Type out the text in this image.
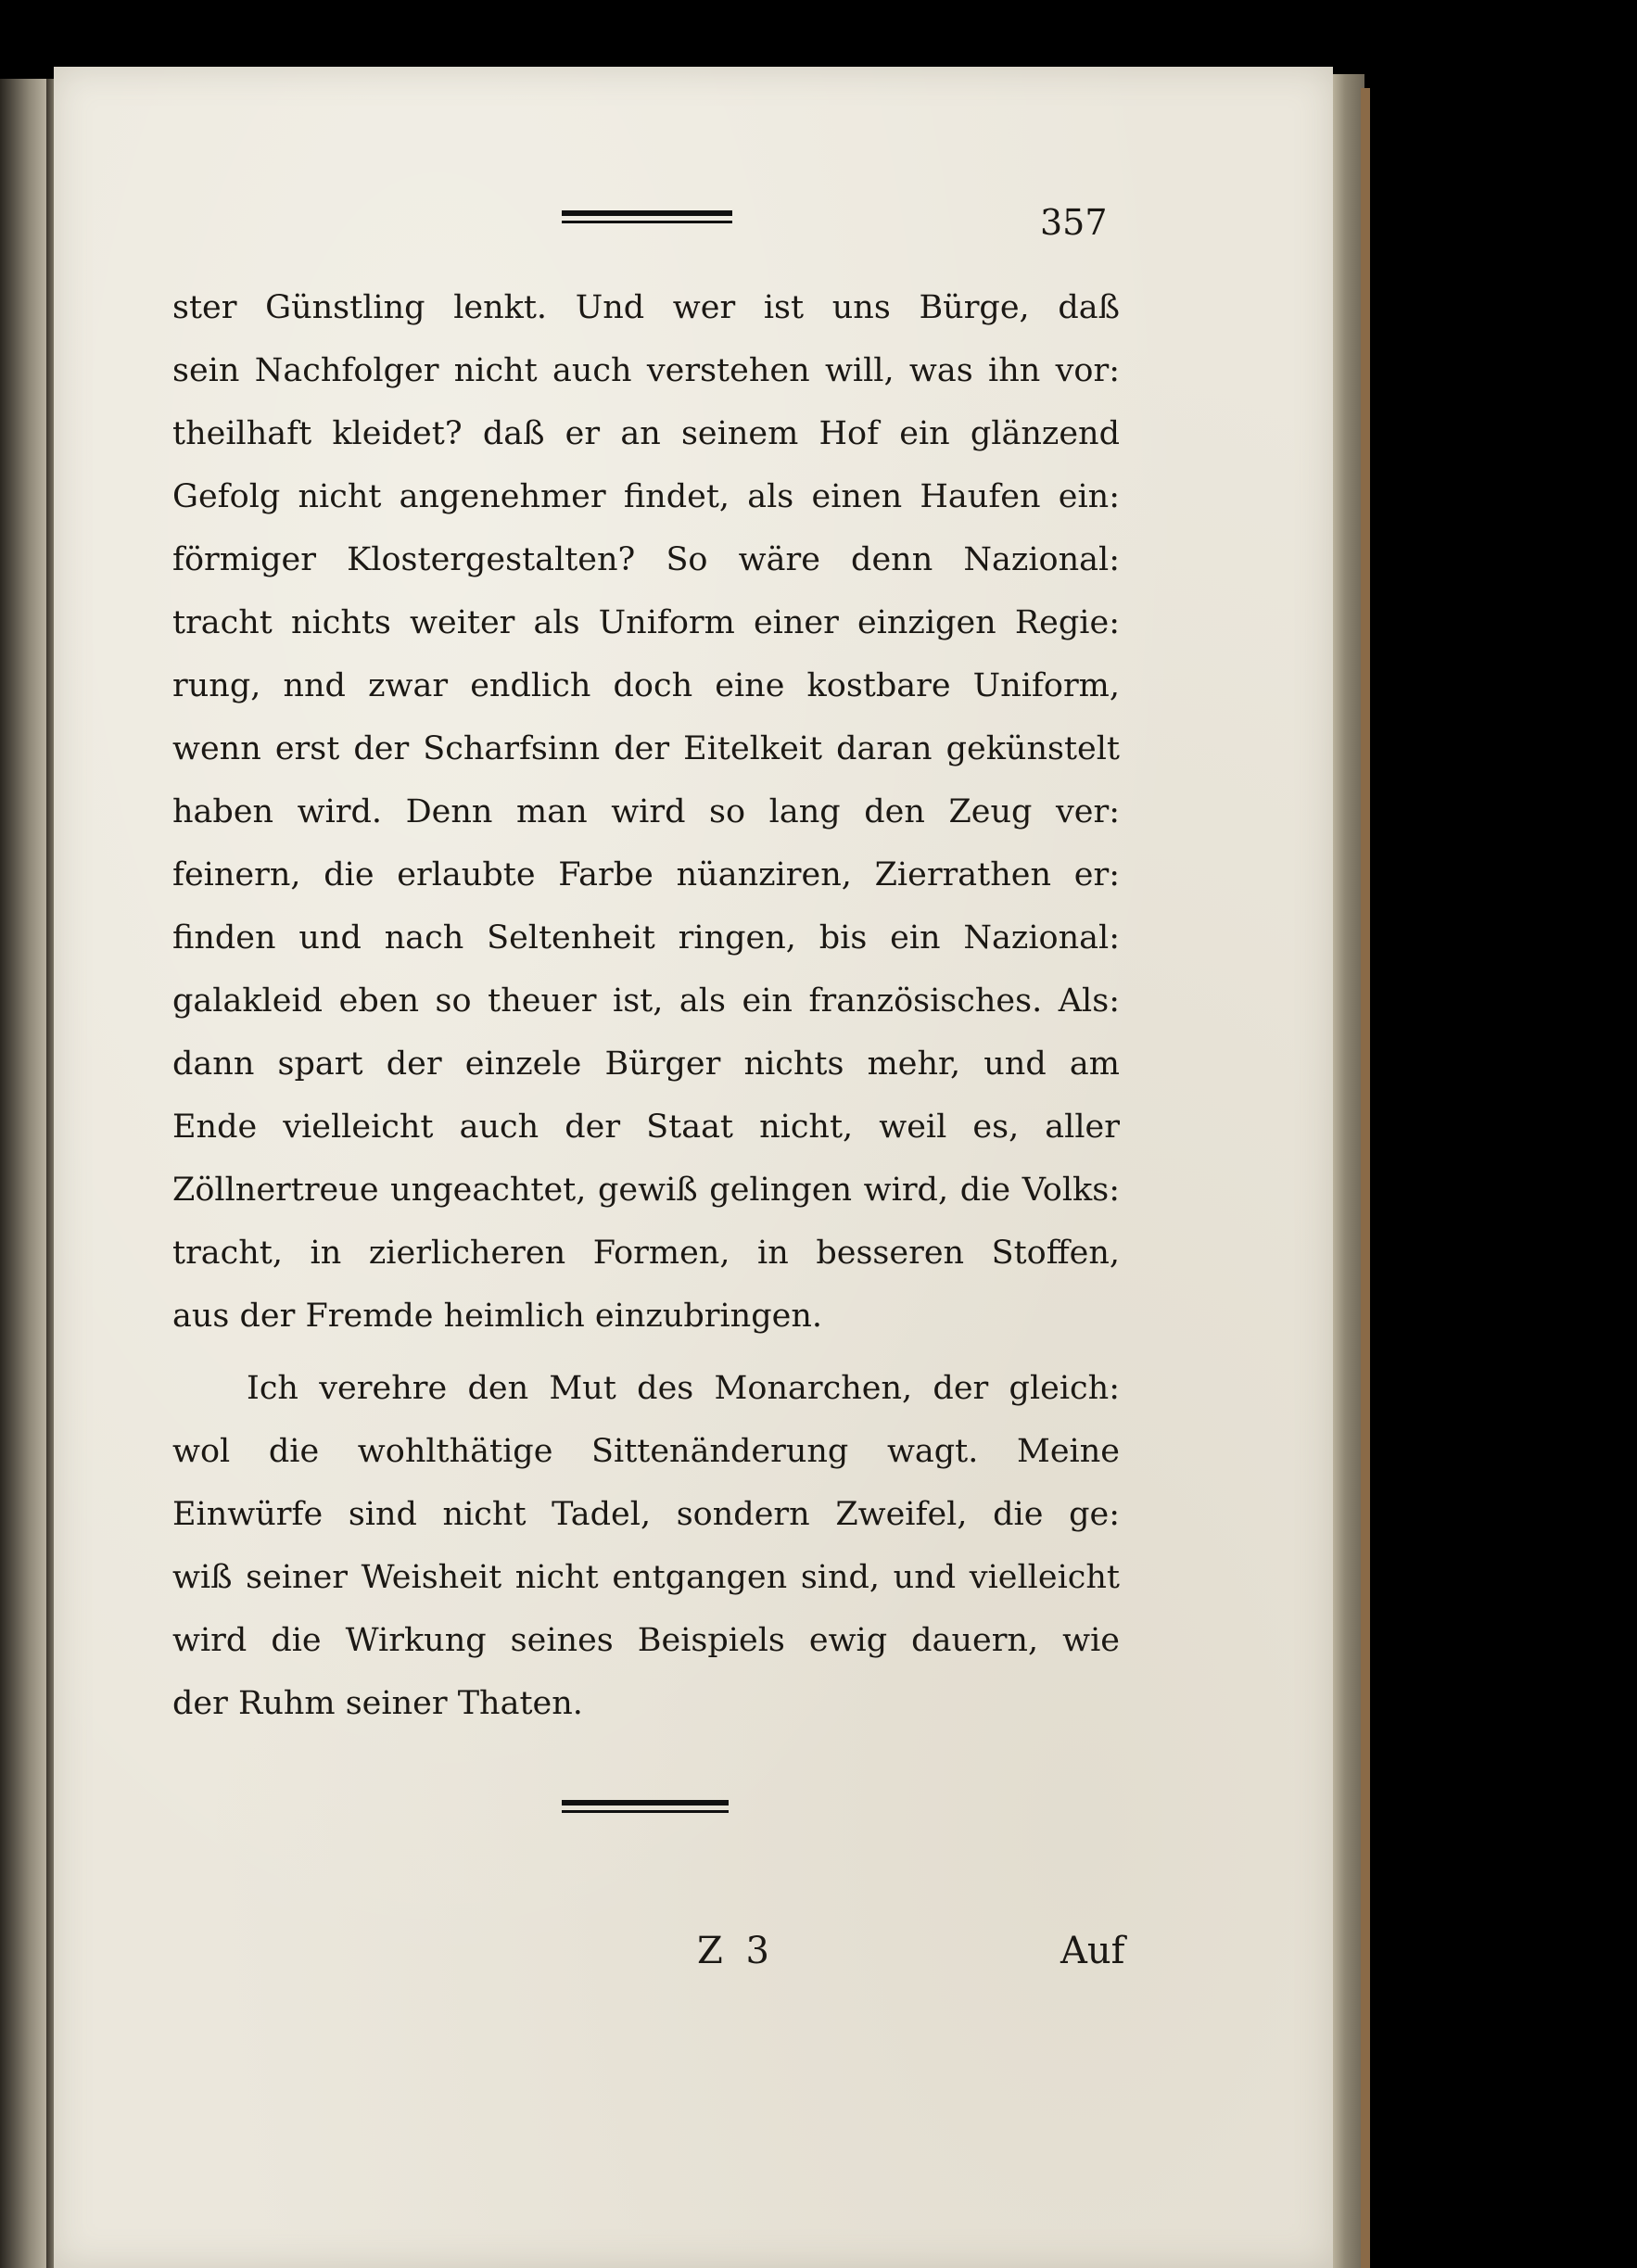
357
ster Günstling lenkt. Und wer ist uns Bürge, daß
sein Nachfolger nicht auch verstehen will, was ihn vor:
theilhaft kleidet? daß er an seinem Hof ein glänzend
Gefolg nicht angenehmer findet, als einen Haufen ein:
förmiger Klostergestalten? So wäre denn Nazional:
tracht nichts weiter als Uniform einer einzigen Regie:
rung, nnd zwar endlich doch eine kostbare Uniform,
wenn erst der Scharfsinn der Eitelkeit daran gekünstelt
haben wird. Denn man wird so lang den Zeug ver:
feinern, die erlaubte Farbe nüanziren, Zierrathen er:
finden und nach Seltenheit ringen, bis ein Nazional:
galakleid eben so theuer ist, als ein französisches. Als:
dann spart der einzele Bürger nichts mehr, und am
Ende vielleicht auch der Staat nicht, weil es, aller
Zöllnertreue ungeachtet, gewiß gelingen wird, die Volks:
tracht, in zierlicheren Formen, in besseren Stoffen,
aus der Fremde heimlich einzubringen.
Ich verehre den Mut des Monarchen, der gleich:
wol die wohlthätige Sittenänderung wagt. Meine
Einwürfe sind nicht Tadel, sondern Zweifel, die ge:
wiß seiner Weisheit nicht entgangen sind, und vielleicht
wird die Wirkung seines Beispiels ewig dauern, wie
der Ruhm seiner Thaten.
Z 3	Auf
